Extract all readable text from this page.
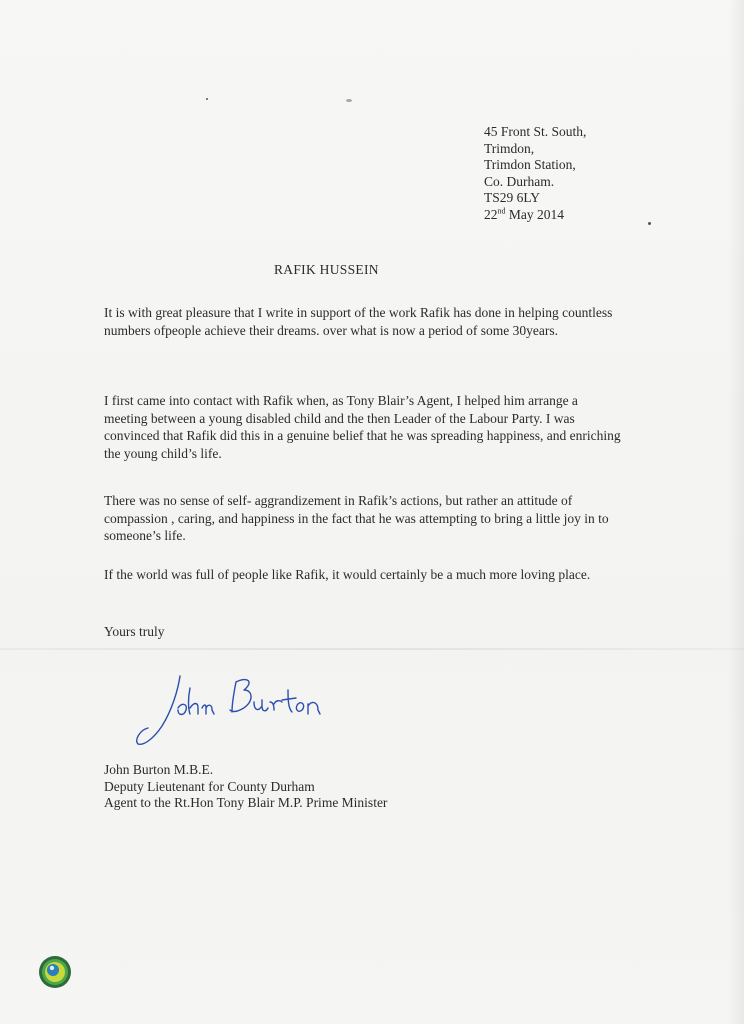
45 Front St. South,
Trimdon,
Trimdon Station,
Co. Durham.
TS29 6LY
22nd May 2014
RAFIK HUSSEIN
It is with great pleasure that I write in support of the work Rafik has done in helping countless numbers ofpeople achieve their dreams. over what is now a period of some 30years.
I first came into contact with Rafik when, as Tony Blair’s Agent, I helped him arrange a meeting between a young disabled child and the then Leader of the Labour Party. I was convinced that Rafik did this in a genuine belief that he was spreading happiness, and enriching the young child’s life.
There was no sense of self- aggrandizement in Rafik’s actions, but rather an attitude of compassion , caring, and happiness in the fact that he was attempting to bring a little joy in to someone’s life.
If the world was full of people like Rafik, it would certainly be a much more loving place.
Yours truly
John Burton M.B.E.
Deputy Lieutenant for County Durham
Agent to the Rt.Hon Tony Blair M.P. Prime Minister
